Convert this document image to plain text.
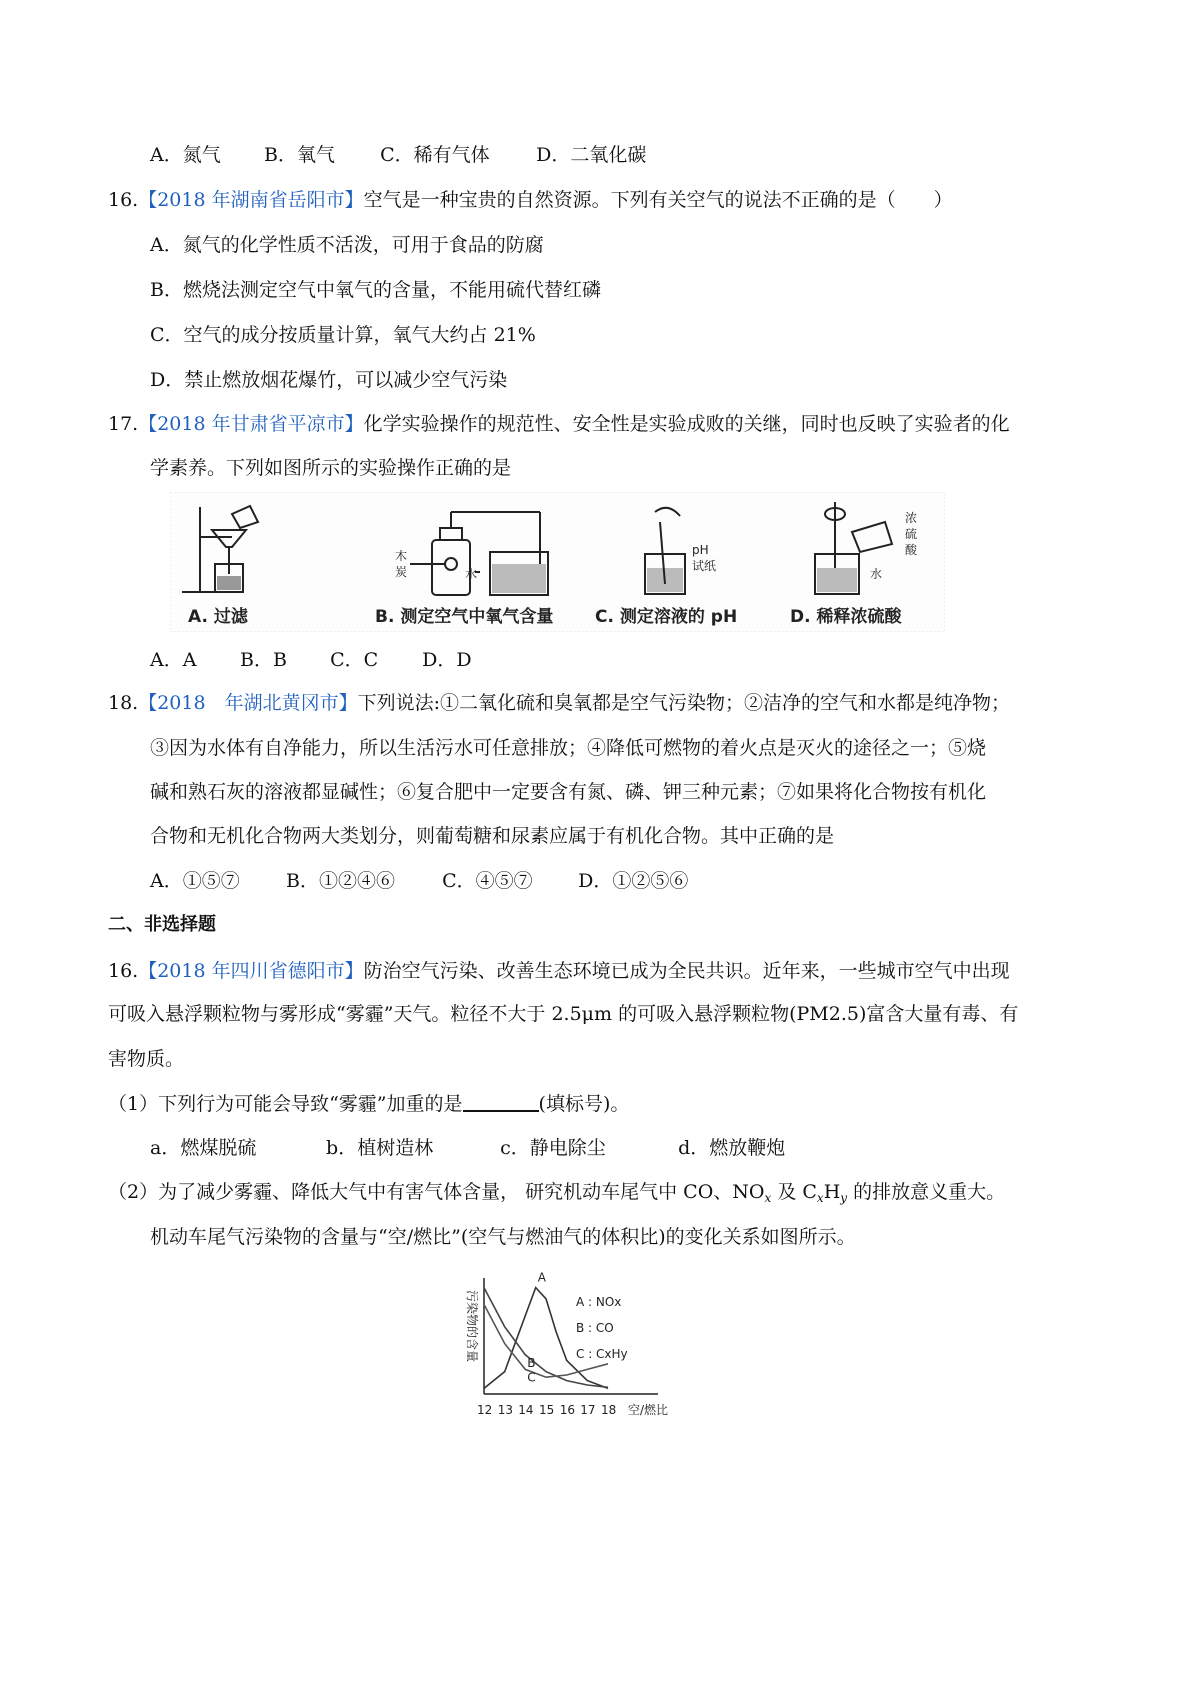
A．氮气 B．氧气 C．稀有气体 D．二氧化碳
16.【2018 年湖南省岳阳市】空气是一种宝贵的自然资源。下列有关空气的说法不正确的是（　　）
A．氮气的化学性质不活泼，可用于食品的防腐
B．燃烧法测定空气中氧气的含量，不能用硫代替红磷
C．空气的成分按质量计算，氧气大约占 21%
D．禁止燃放烟花爆竹，可以减少空气污染
17.【2018 年甘肃省平凉市】化学实验操作的规范性、安全性是实验成败的关继，同时也反映了实验者的化
学素养。下列如图所示的实验操作正确的是
A. 过滤
木
炭	水
B. 测定空气中氧气含量
pH
试纸
C. 测定溶液的 pH
浓
硫
酸
水
D. 稀释浓硫酸
A．A B．B C．C D．D
18.【2018　年湖北黄冈市】下列说法:①二氧化硫和臭氧都是空气污染物；②洁净的空气和水都是纯净物；
③因为水体有自净能力，所以生活污水可任意排放；④降低可燃物的着火点是灭火的途径之一；⑤烧
碱和熟石灰的溶液都显碱性；⑥复合肥中一定要含有氮、磷、钾三种元素；⑦如果将化合物按有机化
合物和无机化合物两大类划分，则葡萄糖和尿素应属于有机化合物。其中正确的是
A．①⑤⑦ B．①②④⑥ C．④⑤⑦ D．①②⑤⑥
二、非选择题
16.【2018 年四川省德阳市】防治空气污染、改善生态环境已成为全民共识。近年来，一些城市空气中出现
可吸入悬浮颗粒物与雾形成“雾霾”天气。粒径不大于 2.5μm 的可吸入悬浮颗粒物(PM2.5)富含大量有毒、有
害物质。
（1）下列行为可能会导致“雾霾”加重的是	(填标号)。
a．燃煤脱硫	b．植树造林	c．静电除尘	d．燃放鞭炮
（2）为了减少雾霾、降低大气中有害气体含量， 研究机动车尾气中 CO、$NO_x$ 及 $C_xH_y$ 的排放意义重大。
机动车尾气污染物的含量与“空/燃比”(空气与燃油气的体积比)的变化关系如图所示。
污染物的含量
空/燃比
A
B
C
12 13 14 15 16 17 18
A : NOx
B : CO
C : CxHy
